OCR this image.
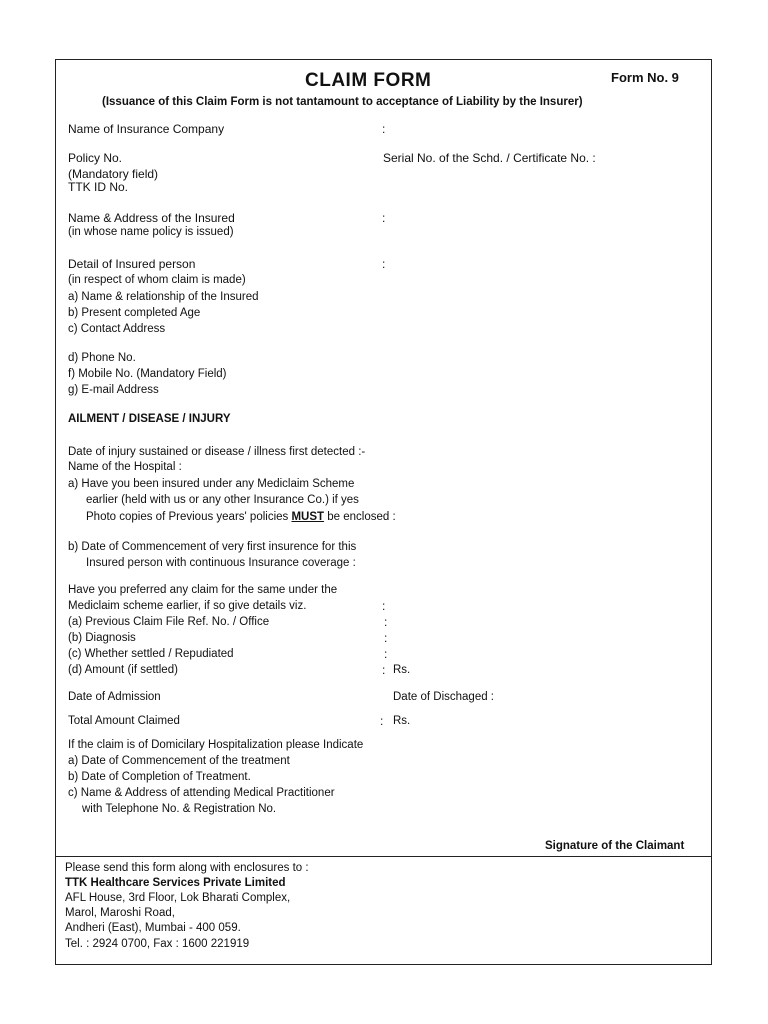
CLAIM FORM	Form No. 9
(Issuance of this Claim Form is not tantamount to acceptance of Liability by the Insurer)
Name of Insurance Company	:
Policy No.	Serial No. of the Schd. / Certificate No. :
(Mandatory field)
TTK ID No.
Name & Address of the Insured	:
(in whose name policy is issued)
Detail of Insured person	:
(in respect of whom claim is made)
a) Name & relationship of the Insured
b) Present completed Age
c) Contact Address
d) Phone No.
f) Mobile No. (Mandatory Field)
g) E-mail Address
AILMENT / DISEASE / INJURY
Date of injury sustained or disease / illness first detected :-
Name of the Hospital :
a) Have you been insured under any Mediclaim Scheme
earlier (held with us or any other Insurance Co.) if yes
Photo copies of Previous years' policies MUST be enclosed :
b) Date of Commencement of very first insurence for this
Insured person with continuous Insurance coverage :
Have you preferred any claim for the same under the
Mediclaim scheme earlier, if so give details viz.	:
(a) Previous Claim File Ref. No. / Office	:
(b) Diagnosis	:
(c) Whether settled / Repudiated	:
(d) Amount (if settled)	: Rs.
Date of Admission	Date of Dischaged :
Total Amount Claimed	: Rs.
If the claim is of Domicilary Hospitalization please Indicate
a) Date of Commencement of the treatment
b) Date of Completion of Treatment.
c) Name & Address of attending Medical Practitioner
with Telephone No. & Registration No.
Signature of the Claimant
Please send this form along with enclosures to :
TTK Healthcare Services Private Limited
AFL House, 3rd Floor, Lok Bharati Complex,
Marol, Maroshi Road,
Andheri (East), Mumbai - 400 059.
Tel. : 2924 0700, Fax : 1600 221919
